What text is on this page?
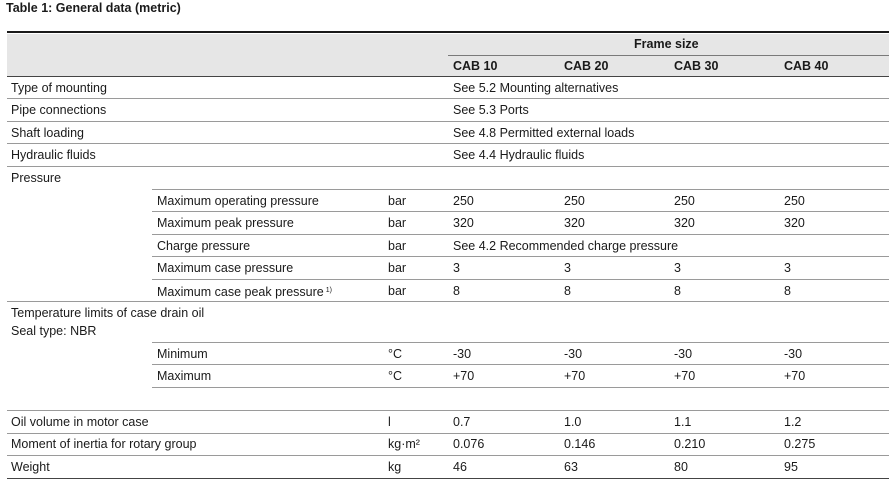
Table 1: General data (metric)
Frame size
CAB 10	CAB 20	CAB 30	CAB 40
Type of mounting	See 5.2 Mounting alternatives
Pipe connections	See 5.3 Ports
Shaft loading	See 4.8 Permitted external loads
Hydraulic fluids	See 4.4 Hydraulic fluids
Pressure
Maximum operating pressure	bar	250	250	250	250
Maximum peak pressure	bar	320	320	320	320
Charge pressure	bar	See 4.2 Recommended charge pressure
Maximum case pressure	bar	3	3	3	3
Maximum case peak pressure $^{1)}$	bar	8	8	8	8
Temperature limits of case drain oil
Seal type: NBR
Minimum	°C	-30	-30	-30	-30
Maximum	°C	+70	+70	+70	+70
Oil volume in motor case	l	0.7	1.0	1.1	1.2
Moment of inertia for rotary group	kg·m²	0.076	0.146	0.210	0.275
Weight	kg	46	63	80	95
